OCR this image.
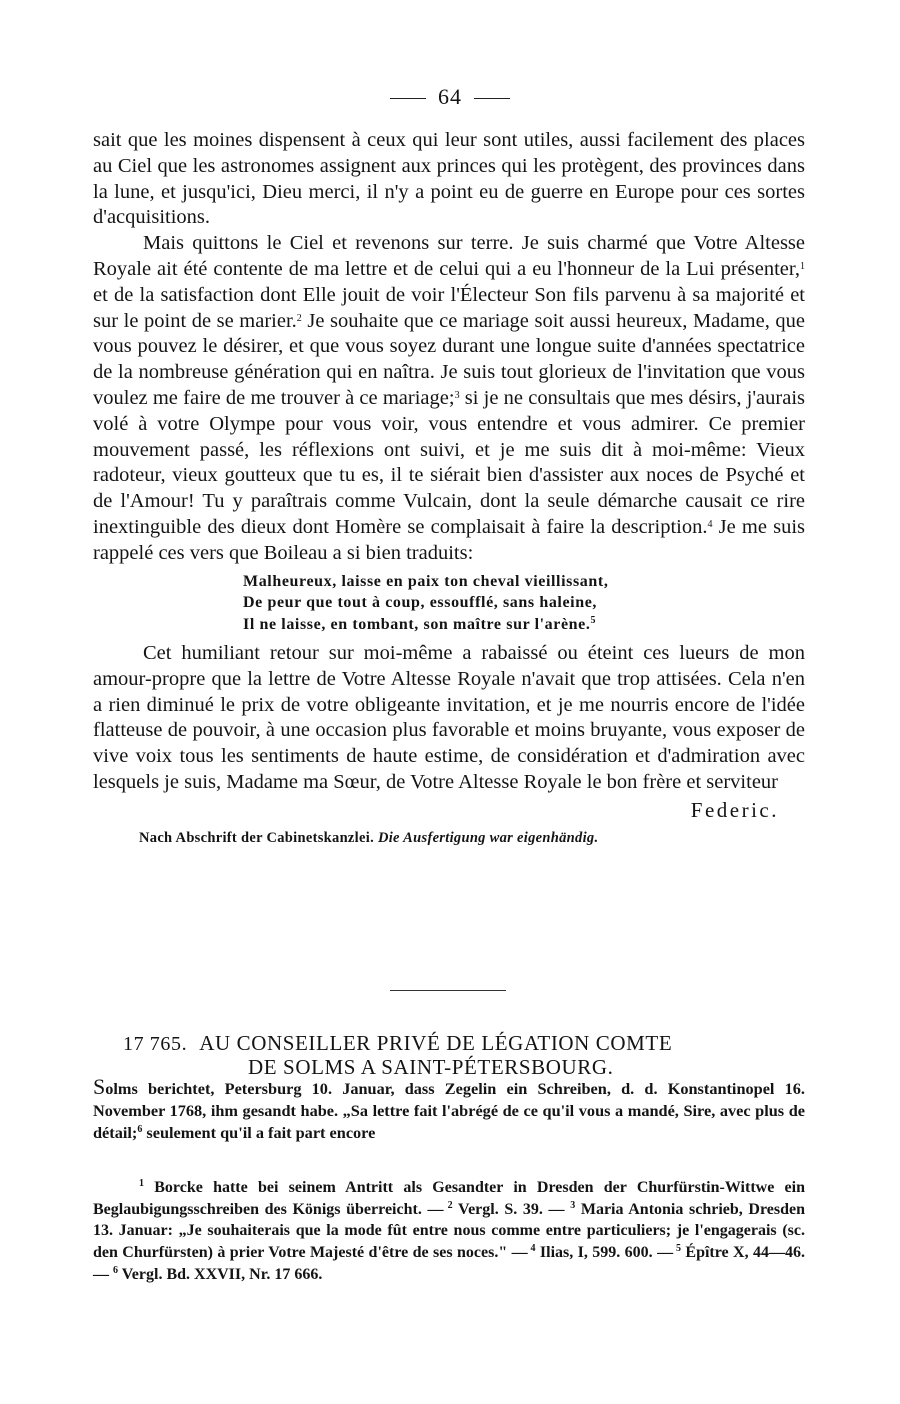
64

sait que les moines dispensent à ceux qui leur sont utiles, aussi facilement des places au Ciel que les astronomes assignent aux princes qui les protègent, des provinces dans la lune, et jusqu'ici, Dieu merci, il n'y a point eu de guerre en Europe pour ces sortes d'acquisitions.

Mais quittons le Ciel et revenons sur terre. Je suis charmé que Votre Altesse Royale ait été contente de ma lettre et de celui qui a eu l'honneur de la Lui présenter,$^1$ et de la satisfaction dont Elle jouit de voir l'Électeur Son fils parvenu à sa majorité et sur le point de se marier.$^2$ Je souhaite que ce mariage soit aussi heureux, Madame, que vous pouvez le désirer, et que vous soyez durant une longue suite d'années spectatrice de la nombreuse génération qui en naîtra. Je suis tout glorieux de l'invitation que vous voulez me faire de me trouver à ce mariage;$^3$ si je ne consultais que mes désirs, j'aurais volé à votre Olympe pour vous voir, vous entendre et vous admirer. Ce premier mouvement passé, les réflexions ont suivi, et je me suis dit à moi-même: Vieux radoteur, vieux goutteux que tu es, il te siérait bien d'assister aux noces de Psyché et de l'Amour! Tu y paraîtrais comme Vulcain, dont la seule démarche causait ce rire inextinguible des dieux dont Homère se complaisait à faire la description.$^4$ Je me suis rappelé ces vers que Boileau a si bien traduits:

Malheureux, laisse en paix ton cheval vieillissant,
De peur que tout à coup, essoufflé, sans haleine,
Il ne laisse, en tombant, son maître sur l'arène.$^5$

Cet humiliant retour sur moi-même a rabaissé ou éteint ces lueurs de mon amour-propre que la lettre de Votre Altesse Royale n'avait que trop attisées. Cela n'en a rien diminué le prix de votre obligeante invitation, et je me nourris encore de l'idée flatteuse de pouvoir, à une occasion plus favorable et moins bruyante, vous exposer de vive voix tous les sentiments de haute estime, de considération et d'admiration avec lesquels je suis, Madame ma Sœur, de Votre Altesse Royale le bon frère et serviteur

Federic.
Nach Abschrift der Cabinetskanzlei. Die Ausfertigung war eigenhändig.
17 765. AU CONSEILLER PRIVÉ DE LÉGATION COMTE
DE SOLMS A SAINT-PÉTERSBOURG.
Solms berichtet, Petersburg 10. Januar, dass Zegelin ein Schreiben, d. d. Konstantinopel 16. November 1768, ihm gesandt habe. „Sa lettre fait l'abrégé de ce qu'il vous a mandé, Sire, avec plus de détail;$^6$ seulement qu'il a fait part encore

$^1$ Borcke hatte bei seinem Antritt als Gesandter in Dresden der Churfürstin-Wittwe ein Beglaubigungsschreiben des Königs überreicht. — $^2$ Vergl. S. 39. — $^3$ Maria Antonia schrieb, Dresden 13. Januar: „Je souhaiterais que la mode fût entre nous comme entre particuliers; je l'engagerais (sc. den Churfürsten) à prier Votre Majesté d'être de ses noces." — $^4$ Ilias, I, 599. 600. — $^5$ Épître X, 44—46. — $^6$ Vergl. Bd. XXVII, Nr. 17 666.
